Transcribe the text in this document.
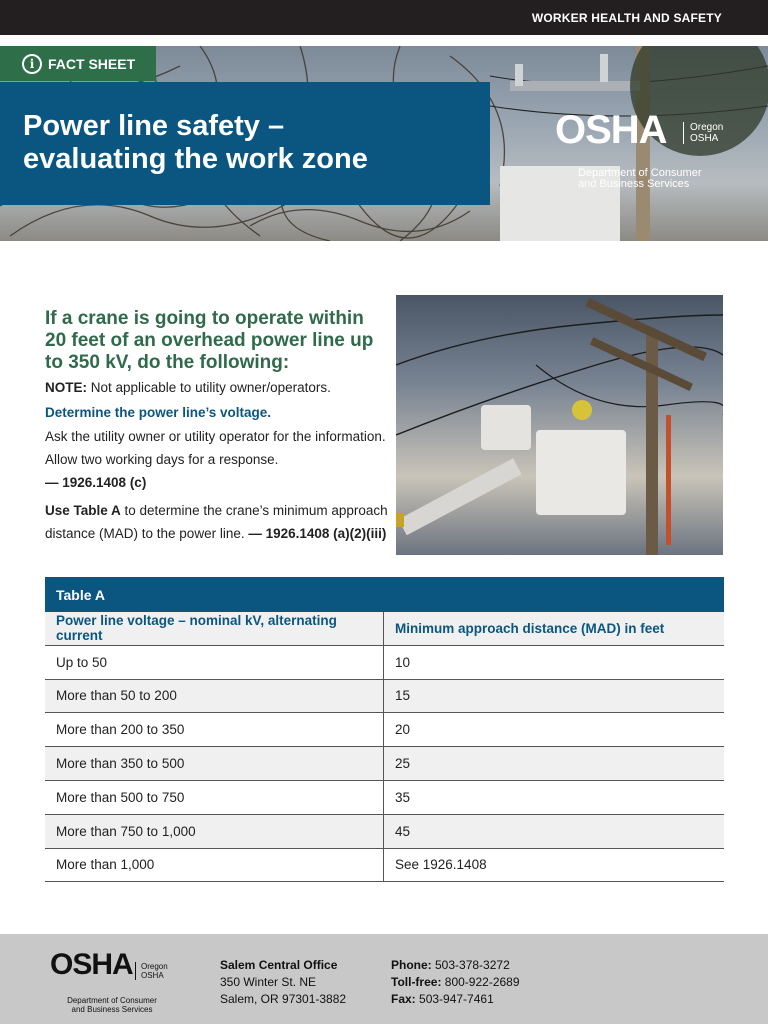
WORKER HEALTH AND SAFETY
i FACT SHEET
Power line safety –
evaluating the work zone
OSHA	Oregon
OSHA
Department of Consumer
and Business Services
If a crane is going to operate within 20 feet of an overhead power line up to 350 kV, do the following:
NOTE: Not applicable to utility owner/operators.
Determine the power line’s voltage.
Ask the utility owner or utility operator for the information. Allow two working days for a response.
— 1926.1408 (c)
Use Table A to determine the crane’s minimum approach distance (MAD) to the power line. — 1926.1408 (a)(2)(iii)
Table A
Power line voltage – nominal kV, alternating current	Minimum approach distance (MAD) in feet
Up to 50	10
More than 50 to 200	15
More than 200 to 350	20
More than 350 to 500	25
More than 500 to 750	35
More than 750 to 1,000	45
More than 1,000	See 1926.1408
OSHA	Oregon
OSHA
Department of Consumer
and Business Services
Salem Central Office
350 Winter St. NE
Salem, OR 97301-3882
Phone: 503-378-3272
Toll-free: 800-922-2689
Fax: 503-947-7461
